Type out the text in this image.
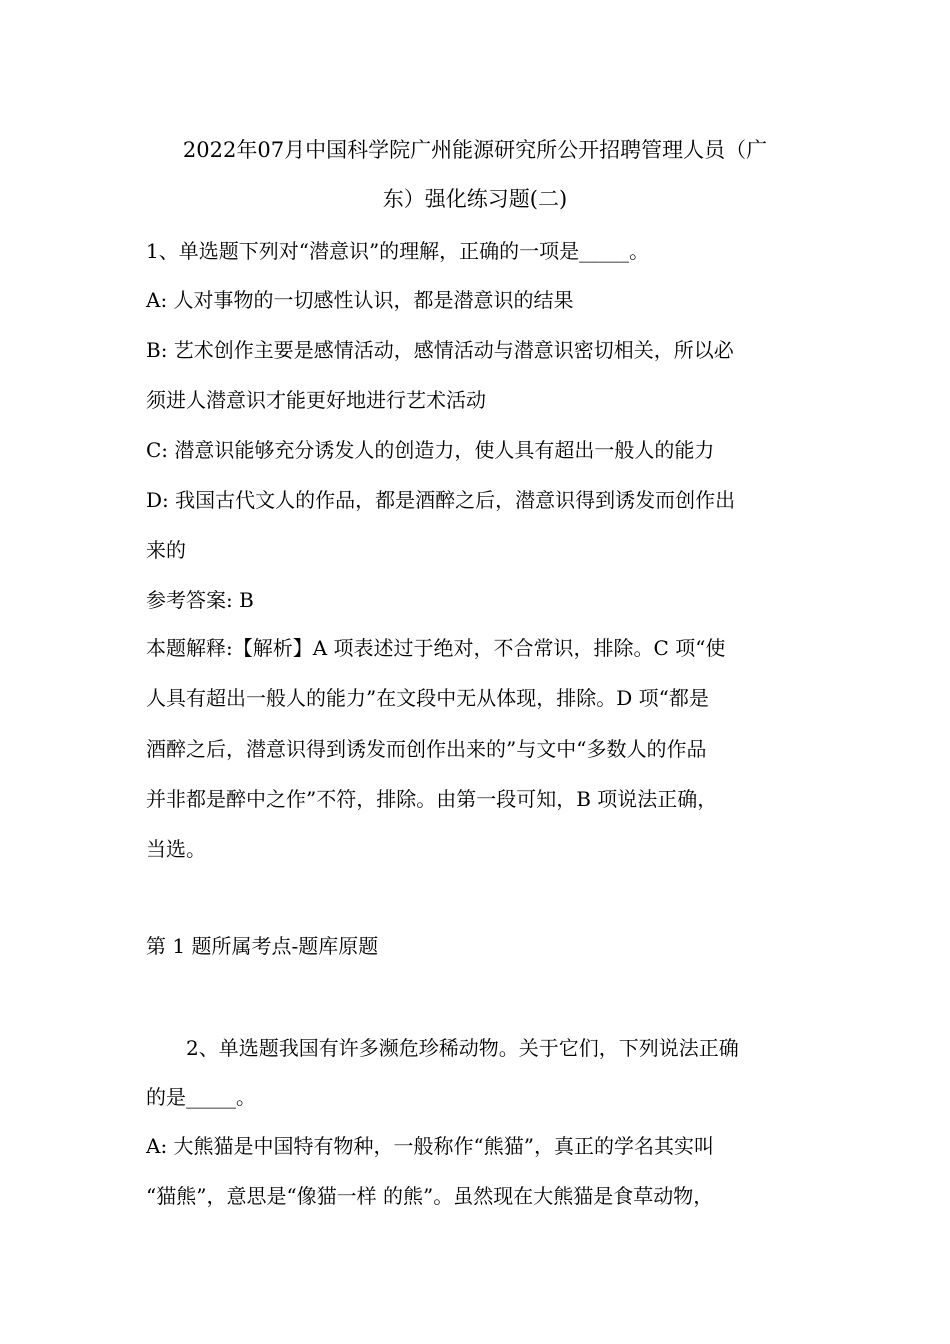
2022年07月中国科学院广州能源研究所公开招聘管理人员（广
东）强化练习题(二)
1、单选题下列对“潜意识”的理解，正确的一项是_____。
A: 人对事物的一切感性认识，都是潜意识的结果
B: 艺术创作主要是感情活动，感情活动与潜意识密切相关，所以必
须进人潜意识才能更好地进行艺术活动
C: 潜意识能够充分诱发人的创造力，使人具有超出一般人的能力
D: 我国古代文人的作品，都是酒醉之后，潜意识得到诱发而创作出
来的
参考答案: B
本题解释:【解析】A 项表述过于绝对，不合常识，排除。C 项“使
人具有超出一般人的能力”在文段中无从体现，排除。D 项“都是
酒醉之后，潜意识得到诱发而创作出来的”与文中“多数人的作品
并非都是醉中之作”不符，排除。由第一段可知，B 项说法正确，
当选。
第 1 题所属考点-题库原题
2、单选题我国有许多濒危珍稀动物。关于它们，下列说法正确
的是_____。
A: 大熊猫是中国特有物种，一般称作“熊猫”，真正的学名其实叫
“猫熊”，意思是“像猫一样 的熊”。虽然现在大熊猫是食草动物，
